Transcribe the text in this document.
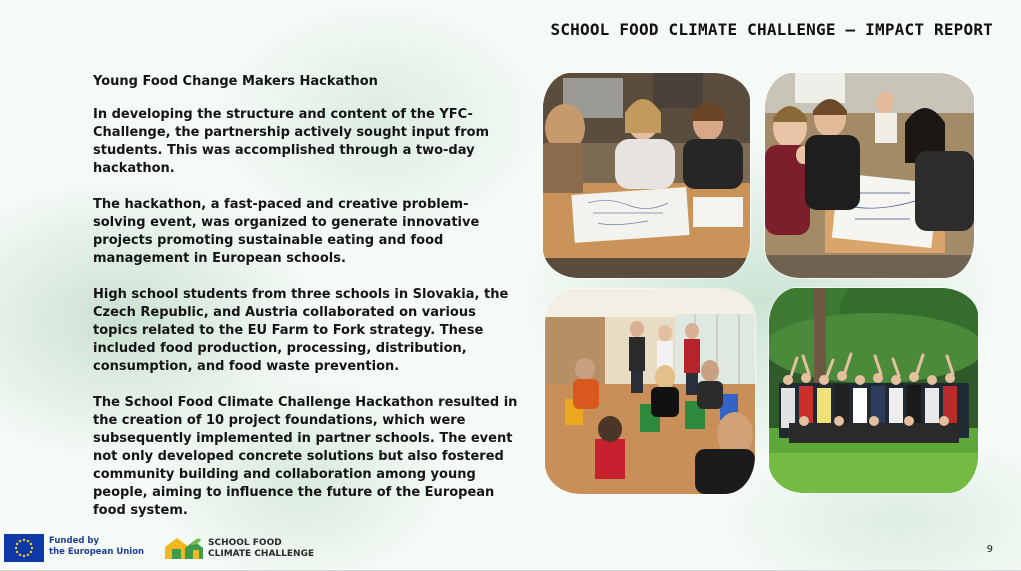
SCHOOL FOOD CLIMATE CHALLENGE – IMPACT REPORT
Young Food Change Makers Hackathon

In developing the structure and content of the YFC-Challenge, the partnership actively sought input from students. This was accomplished through a two-day hackathon.

The hackathon, a fast-paced and creative problem-solving event, was organized to generate innovative projects promoting sustainable eating and food management in European schools.

High school students from three schools in Slovakia, the Czech Republic, and Austria collaborated on various topics related to the EU Farm to Fork strategy. These included food production, processing, distribution, consumption, and food waste prevention.

The School Food Climate Challenge Hackathon resulted in the creation of 10 project foundations, which were subsequently implemented in partner schools. The event not only developed concrete solutions but also fostered community building and collaboration among young people, aiming to influence the future of the European food system.

Funded by
the European Union
SCHOOL FOOD
CLIMATE CHALLENGE	9
